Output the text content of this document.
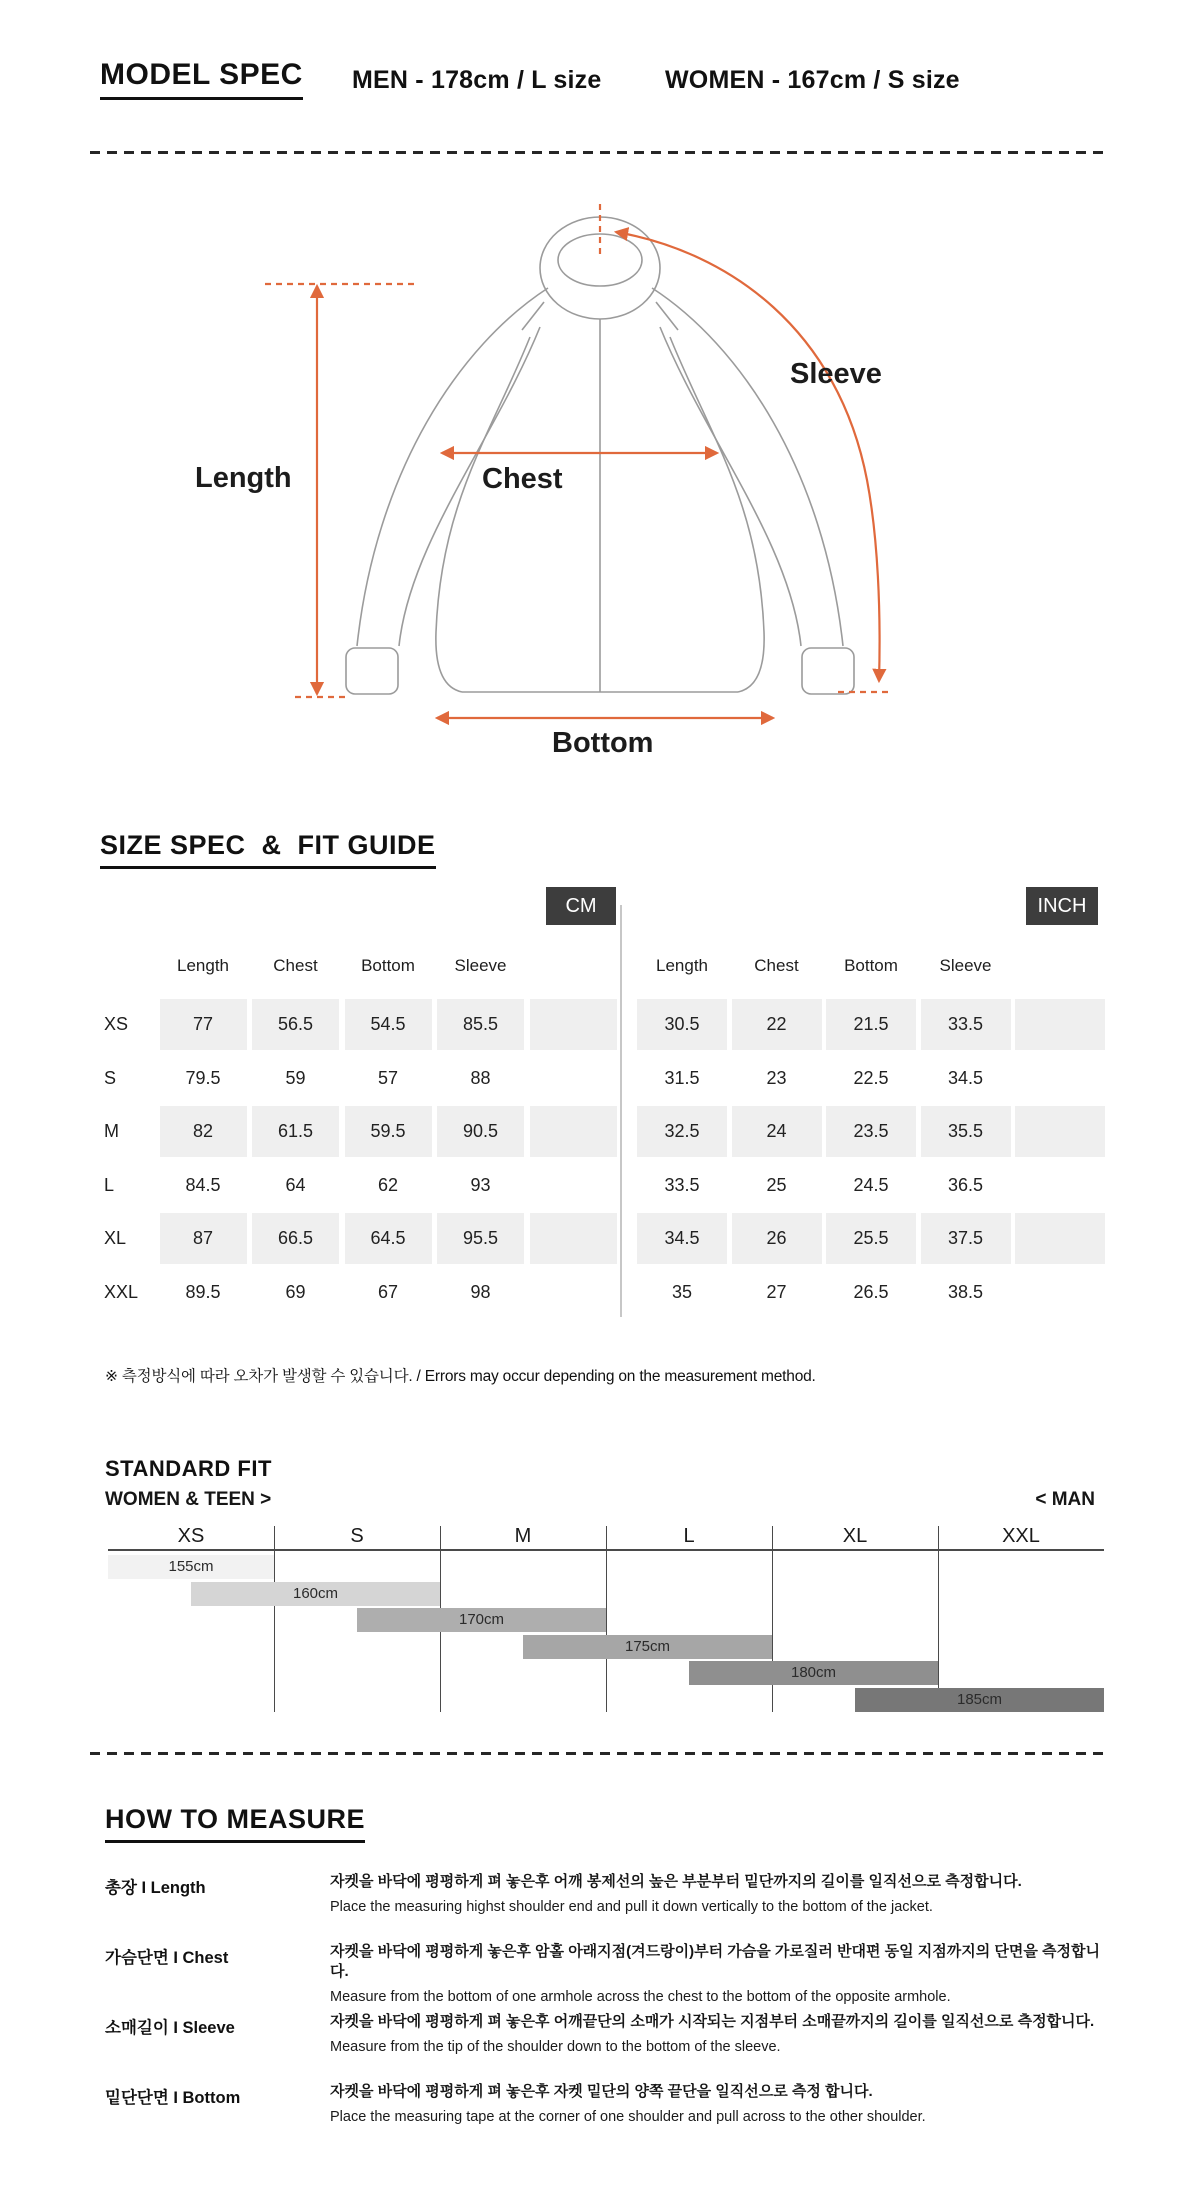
MODEL SPEC MEN - 178cm / L size	WOMEN - 167cm / S size
Length	Chest
Sleeve
Bottom
SIZE SPEC  &  FIT GUIDE
CM	INCH
Length	Chest	Bottom	Sleeve
XS	77	56.5	54.5	85.5
S	79.5	59	57	88
M	82	61.5	59.5	90.5
L	84.5	64	62	93
XL	87	66.5	64.5	95.5
XXL	89.5	69	67	98
Length	Chest	Bottom	Sleeve
30.5	22	21.5	33.5
31.5	23	22.5	34.5
32.5	24	23.5	35.5
33.5	25	24.5	36.5
34.5	26	25.5	37.5
35	27	26.5	38.5
※ 측정방식에 따라 오차가 발생할 수 있습니다. / Errors may occur depending on the measurement method.
STANDARD FIT
WOMEN & TEEN >	< MAN
XS	S	M	L	XL	XXL
155cm
160cm
170cm
175cm
180cm
185cm
HOW TO MEASURE
총장 I Length	자켓을 바닥에 평평하게 펴 놓은후 어깨 봉제선의 높은 부분부터 밑단까지의 길이를 일직선으로 측정합니다.
Place the measuring highst shoulder end and pull it down vertically to the bottom of the jacket.
가슴단면 I Chest	자켓을 바닥에 평평하게 놓은후 암홀 아래지점(겨드랑이)부터 가슴을 가로질러 반대편 동일 지점까지의 단면을 측정합니다.
Measure from the bottom of one armhole across the chest to the bottom of the opposite armhole.
소매길이 I Sleeve	자켓을 바닥에 평평하게 펴 놓은후 어깨끝단의 소매가 시작되는 지점부터 소매끝까지의 길이를 일직선으로 측정합니다.
Measure from the tip of the shoulder down to the bottom of the sleeve.
밑단단면 I Bottom	자켓을 바닥에 평평하게 펴 놓은후 자켓 밑단의 양쪽 끝단을 일직선으로 측정 합니다.
Place the measuring tape at the corner of one shoulder and pull across to the other shoulder.
